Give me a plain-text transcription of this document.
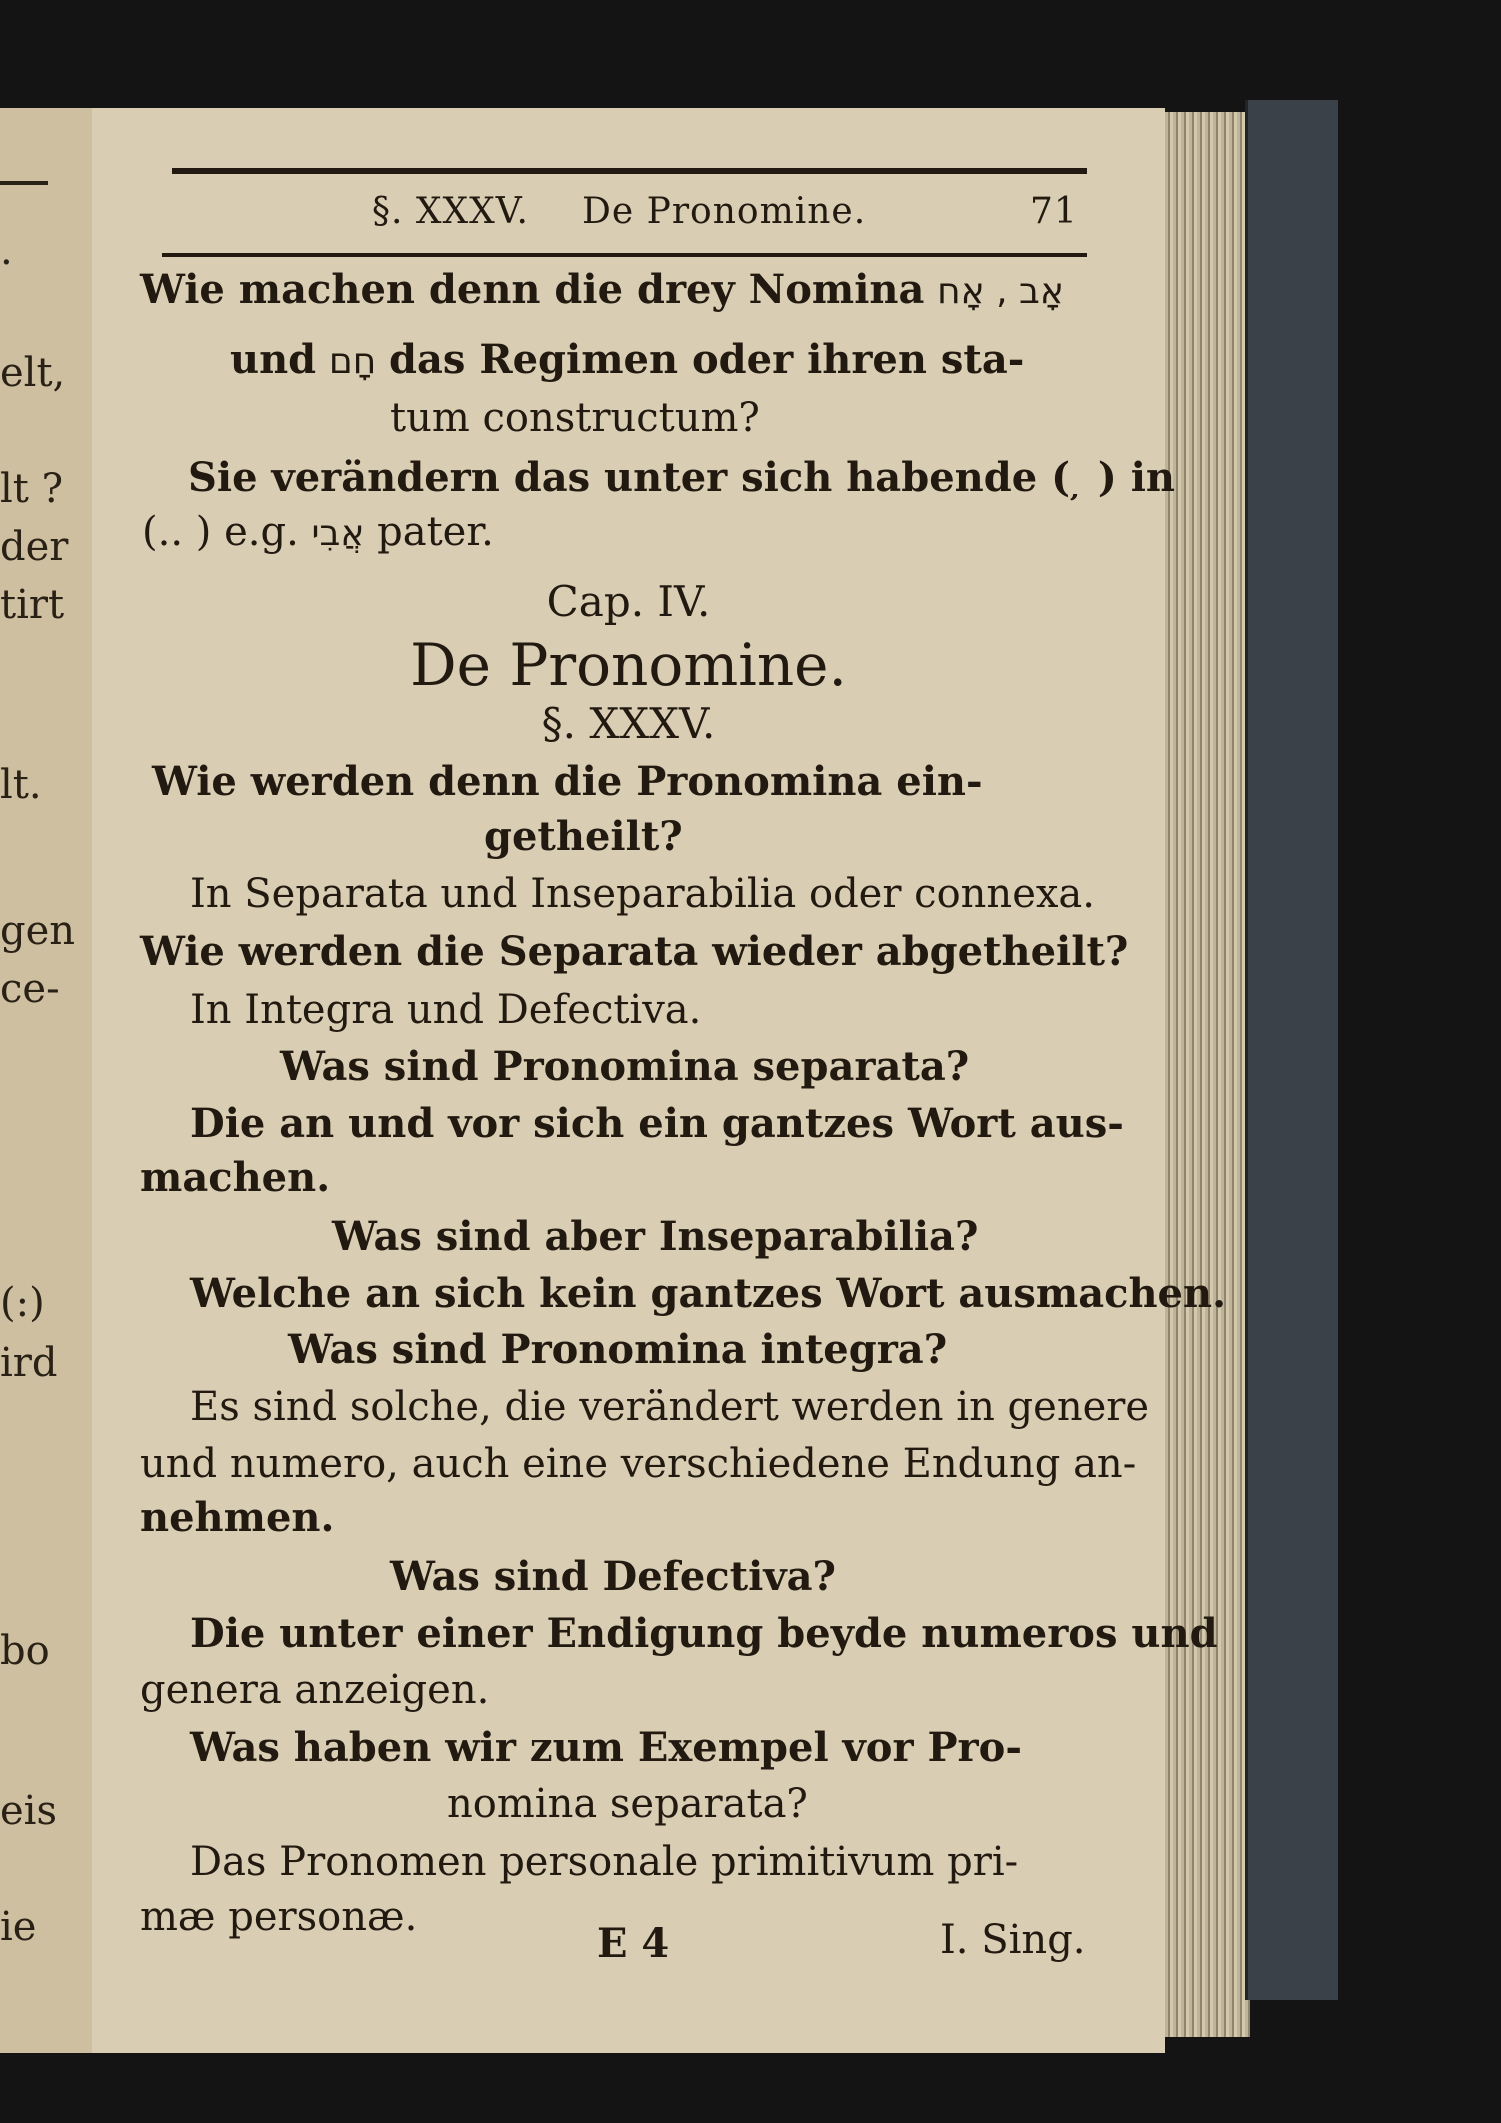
.
elt,
lt ?
der
tirt
lt.
gen
ce-
(:)
ird
bo
eis
ie
§. XXXV. De Pronomine.	71
Wie machen denn die drey Nomina אָב , אָח
und חָם das Regimen oder ihren sta-
tum constructum?
Sie verändern das unter sich habende ( ̦ ) in
(.. ) e.g. אֲבִי pater.
Cap. IV.
De Pronomine.
§. XXXV.
Wie werden denn die Pronomina ein-
getheilt?
In Separata und Inseparabilia oder connexa.
Wie werden die Separata wieder abgetheilt?
In Integra und Defectiva.
Was sind Pronomina separata?
Die an und vor sich ein gantzes Wort aus-
machen.
Was sind aber Inseparabilia?
Welche an sich kein gantzes Wort ausmachen.
Was sind Pronomina integra?
Es sind solche, die verändert werden in genere
und numero, auch eine verschiedene Endung an-
nehmen.
Was sind Defectiva?
Die unter einer Endigung beyde numeros und
genera anzeigen.
Was haben wir zum Exempel vor Pro-
nomina separata?
Das Pronomen personale primitivum pri-
mæ personæ.
E 4	I. Sing.
